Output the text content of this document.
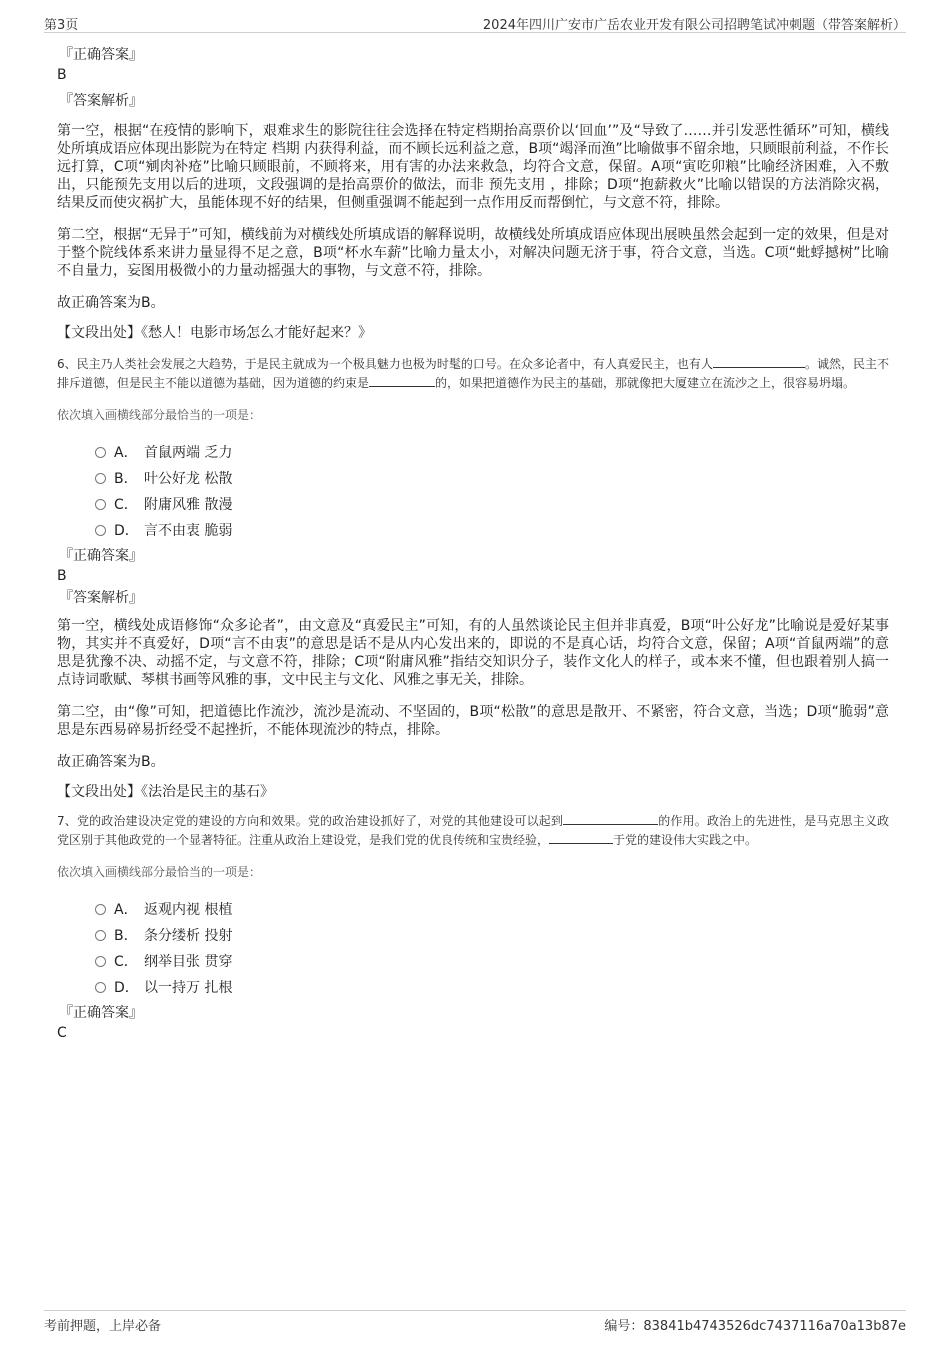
第3页	2024年四川广安市广岳农业开发有限公司招聘笔试冲刺题（带答案解析）
『正确答案』
B
『答案解析』

第一空，根据“在疫情的影响下，艰难求生的影院往往会选择在特定档期抬高票价以‘回血’”及“导致了……并引发恶性循环”可知，横线处所填成语应体现出影院为在特定 档期 内获得利益，而不顾长远利益之意，B项“竭泽而渔”比喻做事不留余地，只顾眼前利益，不作长远打算，C项“剜肉补疮”比喻只顾眼前，不顾将来，用有害的办法来救急，均符合文意，保留。A项“寅吃卯粮”比喻经济困难，入不敷出，只能预先支用以后的进项，文段强调的是抬高票价的做法，而非 预先支用 ，排除；D项“抱薪救火”比喻以错误的方法消除灾祸，结果反而使灾祸扩大，虽能体现不好的结果，但侧重强调不能起到一点作用反而帮倒忙，与文意不符，排除。

第二空，根据“无异于”可知，横线前为对横线处所填成语的解释说明，故横线处所填成语应体现出展映虽然会起到一定的效果，但是对于整个院线体系来讲力量显得不足之意，B项“杯水车薪”比喻力量太小，对解决问题无济于事，符合文意，当选。C项“蚍蜉撼树”比喻不自量力，妄图用极微小的力量动摇强大的事物，与文意不符，排除。

故正确答案为B。

【文段出处】《愁人！电影市场怎么才能好起来？》

6、民主乃人类社会发展之大趋势，于是民主就成为一个极具魅力也极为时髦的口号。在众多论者中，有人真爱民主，也有人	。诚然，民主不排斥道德，但是民主不能以道德为基础，因为道德的约束是	的，如果把道德作为民主的基础，那就像把大厦建立在流沙之上，很容易坍塌。

依次填入画横线部分最恰当的一项是：
A． 首鼠两端 乏力
B． 叶公好龙 松散
C． 附庸风雅 散漫
D． 言不由衷 脆弱
『正确答案』
B
『答案解析』

第一空，横线处成语修饰“众多论者”，由文意及“真爱民主”可知，有的人虽然谈论民主但并非真爱，B项“叶公好龙”比喻说是爱好某事物，其实并不真爱好，D项“言不由衷”的意思是话不是从内心发出来的，即说的不是真心话，均符合文意，保留；A项“首鼠两端”的意思是犹豫不决、动摇不定，与文意不符，排除；C项“附庸风雅”指结交知识分子，装作文化人的样子，或本来不懂，但也跟着别人搞一点诗词歌赋、琴棋书画等风雅的事，文中民主与文化、风雅之事无关，排除。

第二空，由“像”可知，把道德比作流沙，流沙是流动、不坚固的，B项“松散”的意思是散开、不紧密，符合文意，当选；D项“脆弱”意思是东西易碎易折经受不起挫折，不能体现流沙的特点，排除。

故正确答案为B。

【文段出处】《法治是民主的基石》

7、党的政治建设决定党的建设的方向和效果。党的政治建设抓好了，对党的其他建设可以起到	的作用。政治上的先进性，是马克思主义政党区别于其他政党的一个显著特征。注重从政治上建设党，是我们党的优良传统和宝贵经验，	于党的建设伟大实践之中。

依次填入画横线部分最恰当的一项是：
A． 返观内视 根植
B． 条分缕析 投射
C． 纲举目张 贯穿
D． 以一持万 扎根
『正确答案』
C
考前押题，上岸必备	编号：83841b4743526dc7437116a70a13b87e
